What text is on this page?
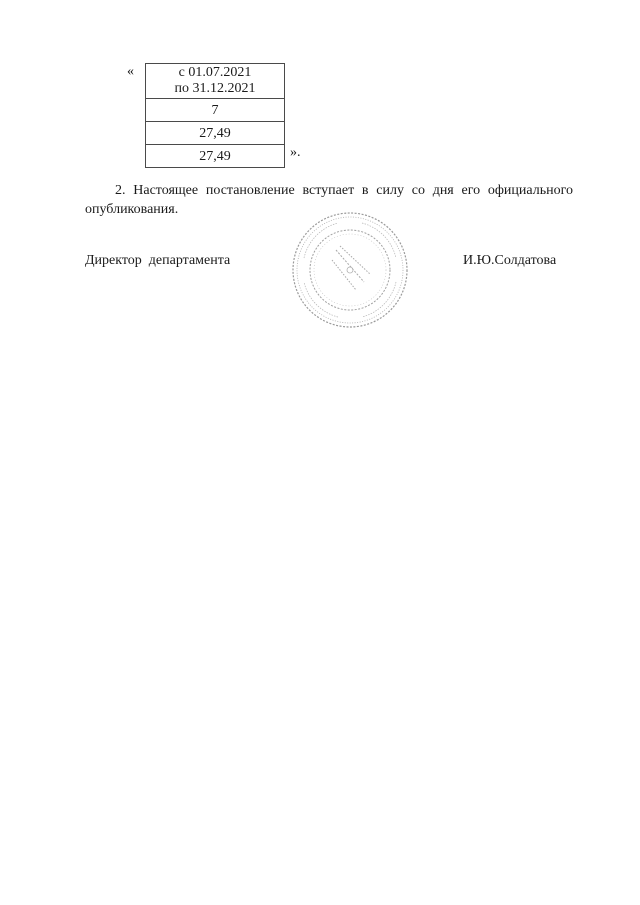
«	с 01.07.2021
по 31.12.2021

7
27,49
27,49	».
2. Настоящее постановление вступает в силу со дня его официального опубликования.
Директор  департамента	И.Ю.Солдатова
